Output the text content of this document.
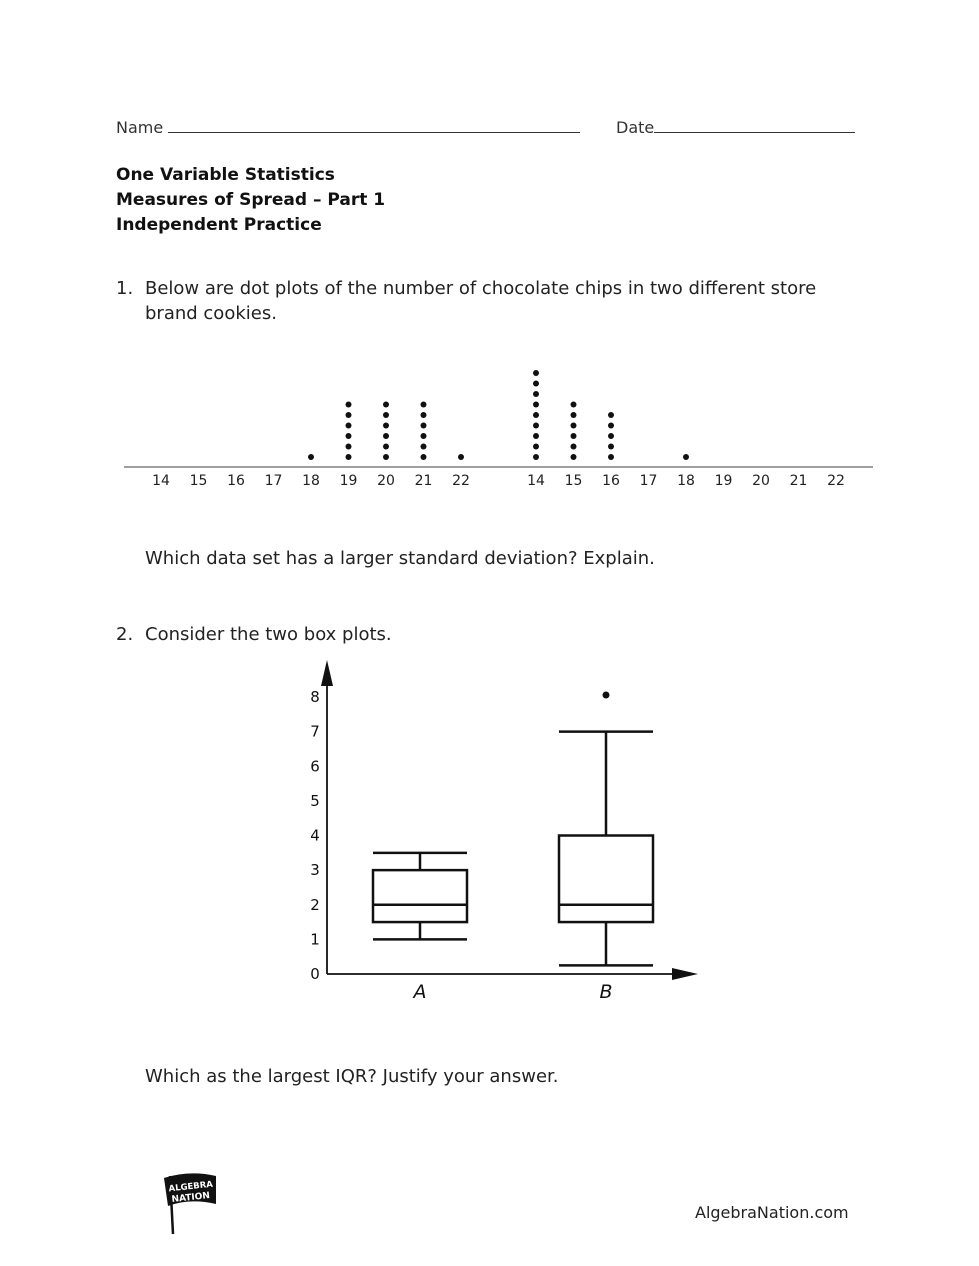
Name	Date
One Variable Statistics
Measures of Spread – Part 1
Independent Practice
1. Below are dot plots of the number of chocolate chips in two different store
brand cookies.
14 15 16 17 18 19 20 21 22	14 15 16 17 18 19 20 21 22
Which data set has a larger standard deviation? Explain.
2. Consider the two box plots.
0
1
2
3
4
5
6
7
8
A	B
Which as the largest IQR? Justify your answer.
ALGEBRA
NATION
AlgebraNation.com
